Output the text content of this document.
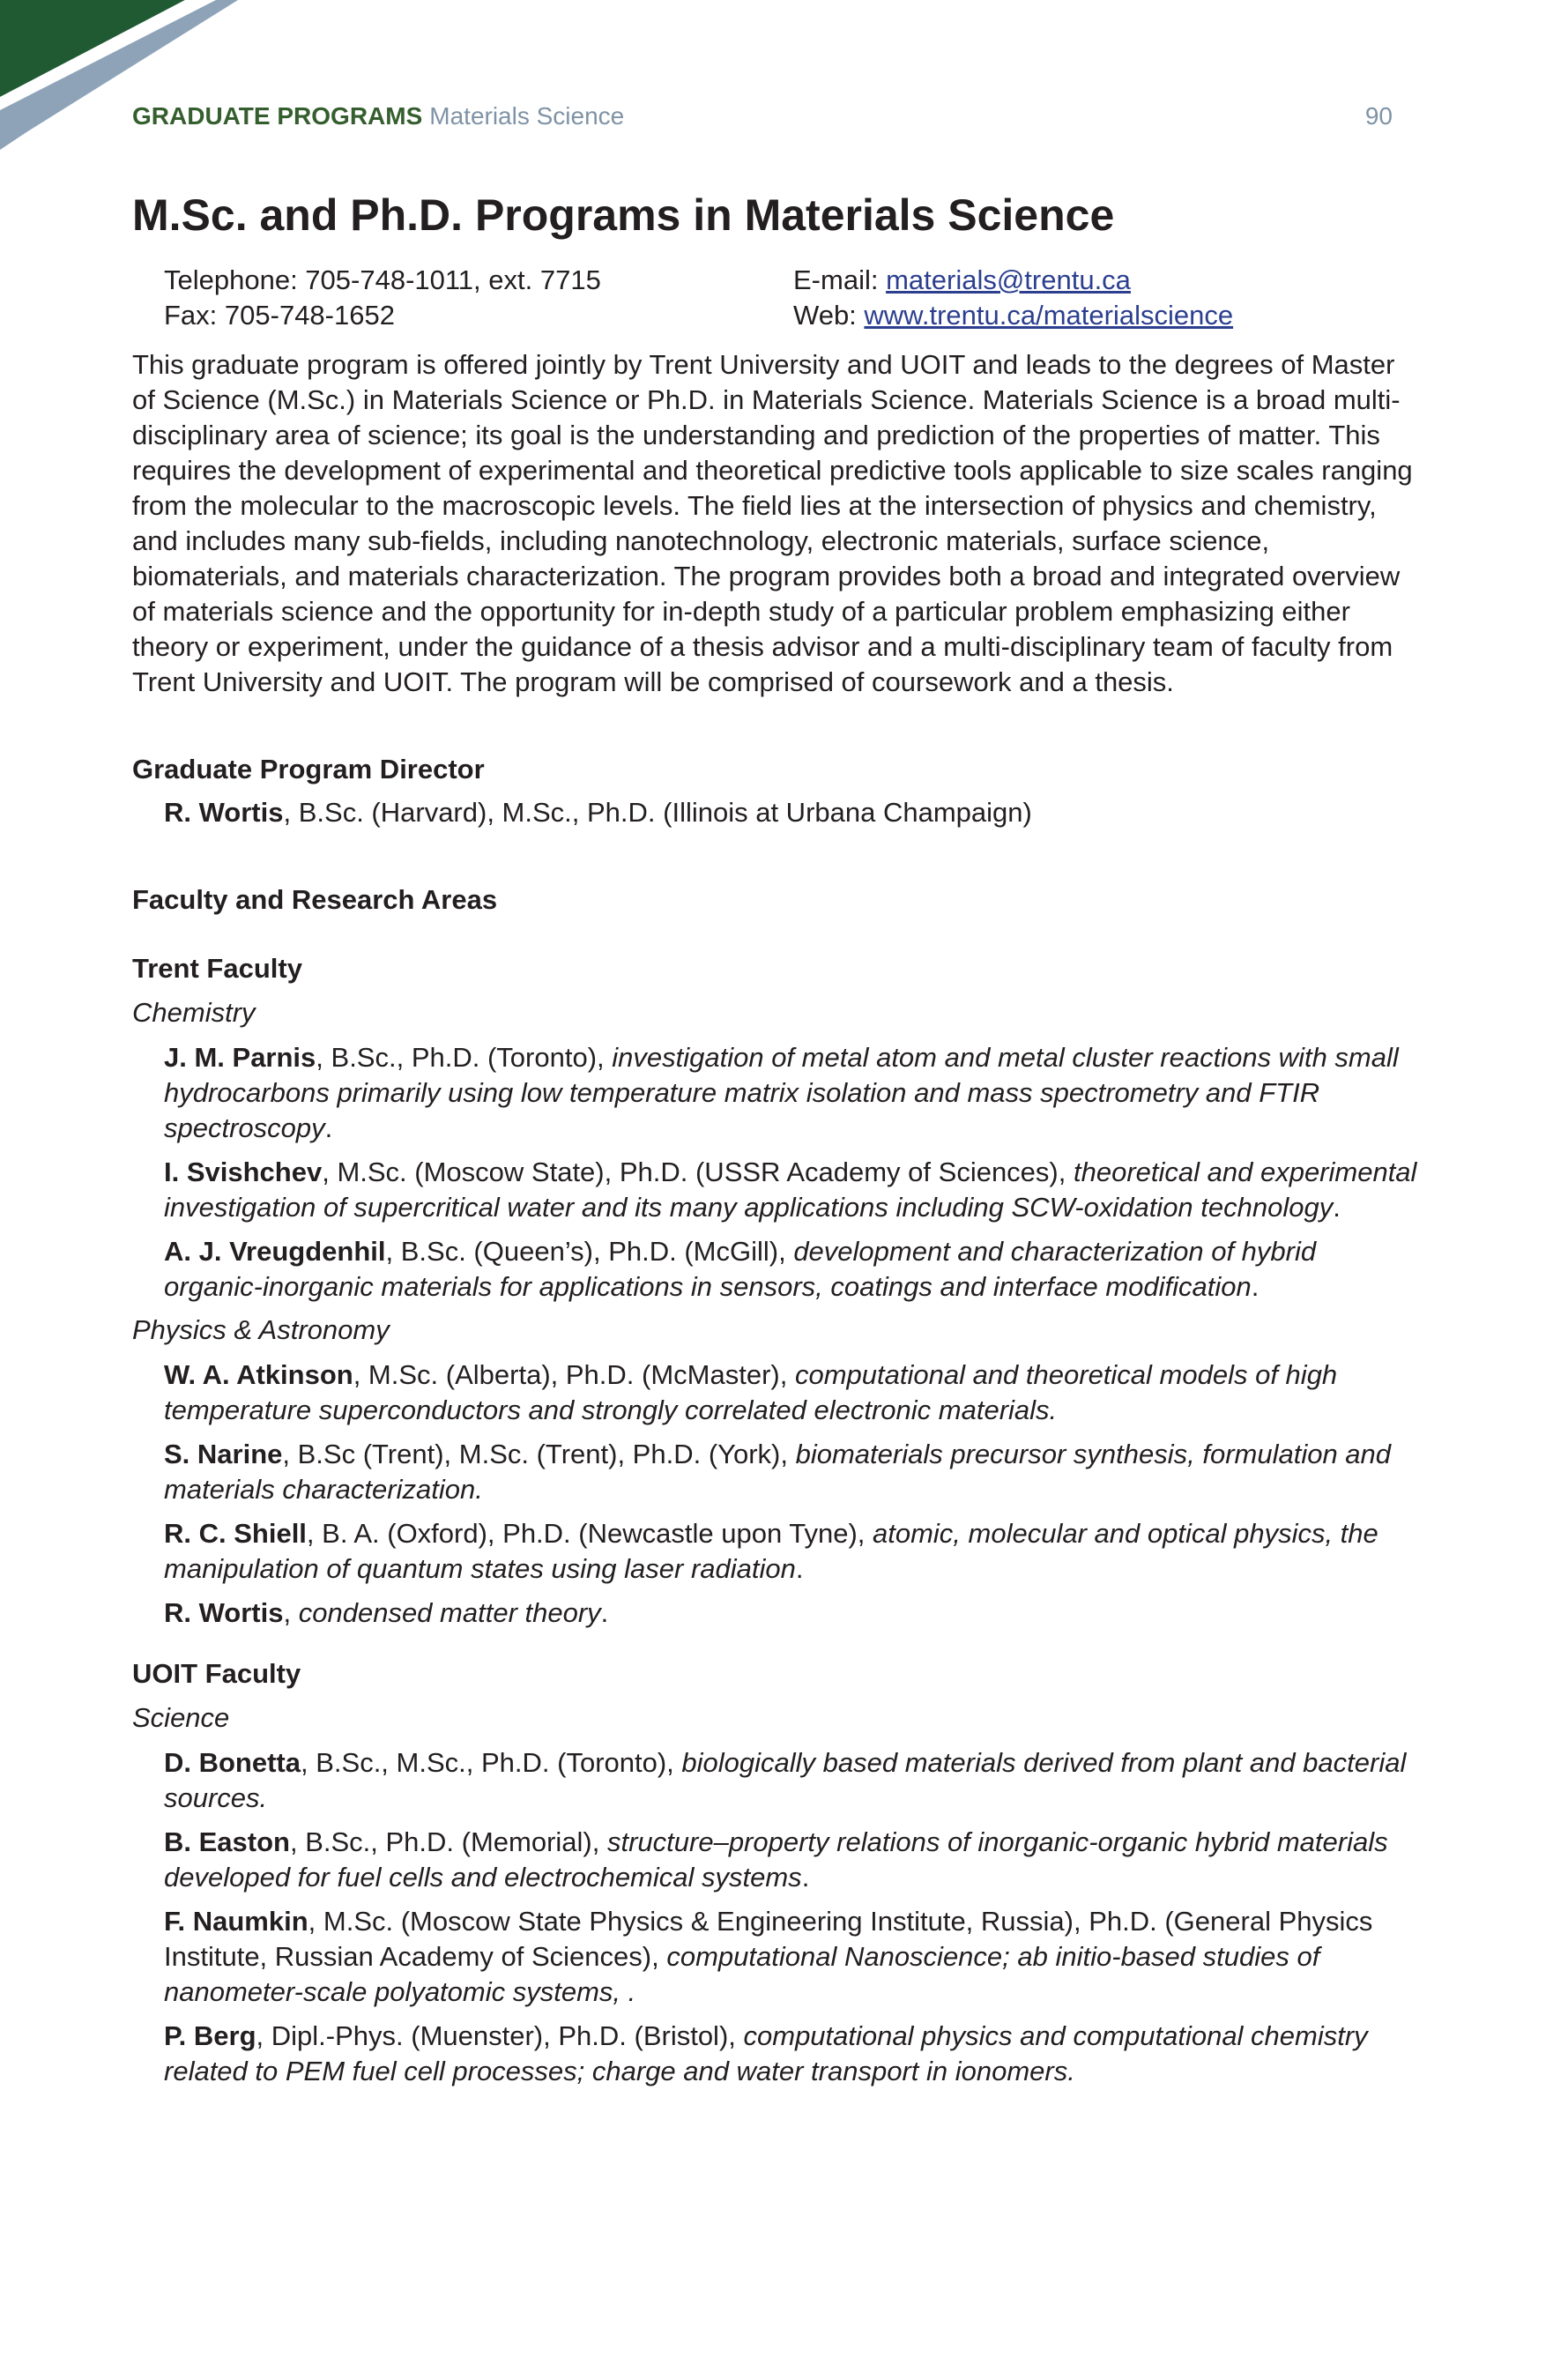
GRADUATE PROGRAMS Materials Science	90
M.Sc. and Ph.D. Programs in Materials Science
Telephone: 705-748-1011, ext. 7715	E-mail: materials@trentu.ca
Fax: 705-748-1652	Web: www.trentu.ca/materialscience

This graduate program is offered jointly by Trent University and UOIT and leads to the degrees of Master of Science (M.Sc.) in Materials Science or Ph.D. in Materials Science. Materials Science is a broad multi-disciplinary area of science; its goal is the understanding and prediction of the properties of matter. This requires the development of experimental and theoretical predictive tools applicable to size scales ranging from the molecular to the macroscopic levels. The field lies at the intersection of physics and chemistry, and includes many sub-fields, including nanotechnology, electronic materials, surface science, biomaterials, and materials characterization. The program provides both a broad and integrated overview of materials science and the opportunity for in-depth study of a particular problem emphasizing either theory or experiment, under the guidance of a thesis advisor and a multi-disciplinary team of faculty from Trent University and UOIT. The program will be comprised of coursework and a thesis.

Graduate Program Director
R. Wortis, B.Sc. (Harvard), M.Sc., Ph.D. (Illinois at Urbana Champaign)
Faculty and Research Areas
Trent Faculty
Chemistry
J. M. Parnis, B.Sc., Ph.D. (Toronto), investigation of metal atom and metal cluster reactions with small hydrocarbons primarily using low temperature matrix isolation and mass spectrometry and FTIR spectroscopy.
I. Svishchev, M.Sc. (Moscow State), Ph.D. (USSR Academy of Sciences), theoretical and experimental investigation of supercritical water and its many applications including SCW-oxidation technology.
A. J. Vreugdenhil, B.Sc. (Queen’s), Ph.D. (McGill), development and characterization of hybrid organic-inorganic materials for applications in sensors, coatings and interface modification.
Physics & Astronomy
W. A. Atkinson, M.Sc. (Alberta), Ph.D. (McMaster), computational and theoretical models of high temperature superconductors and strongly correlated electronic materials.
S. Narine, B.Sc (Trent), M.Sc. (Trent), Ph.D. (York), biomaterials precursor synthesis, formulation and materials characterization.
R. C. Shiell, B. A. (Oxford), Ph.D. (Newcastle upon Tyne), atomic, molecular and optical physics, the manipulation of quantum states using laser radiation.
R. Wortis, condensed matter theory.
UOIT Faculty
Science
D. Bonetta, B.Sc., M.Sc., Ph.D. (Toronto), biologically based materials derived from plant and bacterial sources.
B. Easton, B.Sc., Ph.D. (Memorial), structure–property relations of inorganic-organic hybrid materials developed for fuel cells and electrochemical systems.
F. Naumkin, M.Sc. (Moscow State Physics & Engineering Institute, Russia), Ph.D. (General Physics Institute, Russian Academy of Sciences), computational Nanoscience; ab initio-based studies of nanometer-scale polyatomic systems, .
P. Berg, Dipl.-Phys. (Muenster), Ph.D. (Bristol), computational physics and computational chemistry related to PEM fuel cell processes; charge and water transport in ionomers.
